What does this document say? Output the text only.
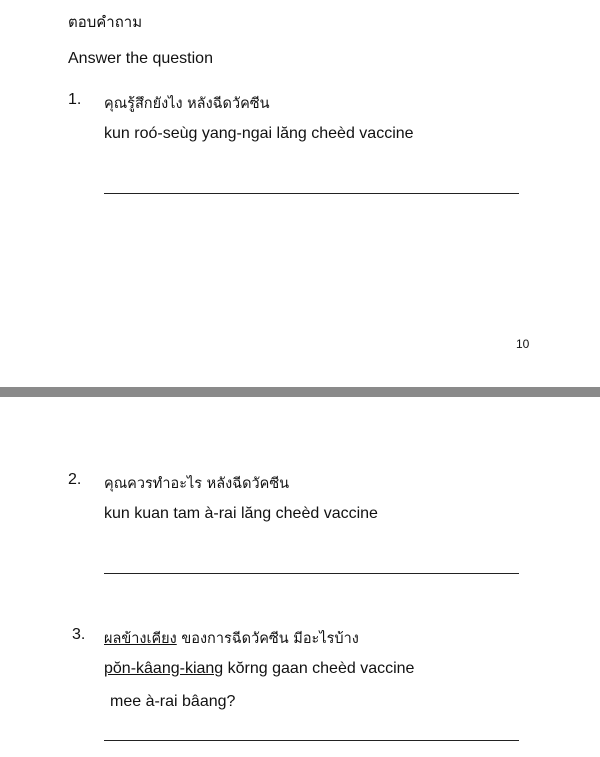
ตอบคำถาม
Answer the question
1. คุณรู้สึกยังไง หลังฉีดวัคซีน
kun roó-seùg yang-ngai lăng cheèd vaccine
10
2. คุณควรทำอะไร หลังฉีดวัคซีน
kun kuan tam à-rai lăng cheèd vaccine
3. ผลข้างเคียง ของการฉีดวัคซีน มีอะไรบ้าง
pŏn-kâang-kiang kŏrng gaan cheèd vaccine
mee à-rai bâang?
